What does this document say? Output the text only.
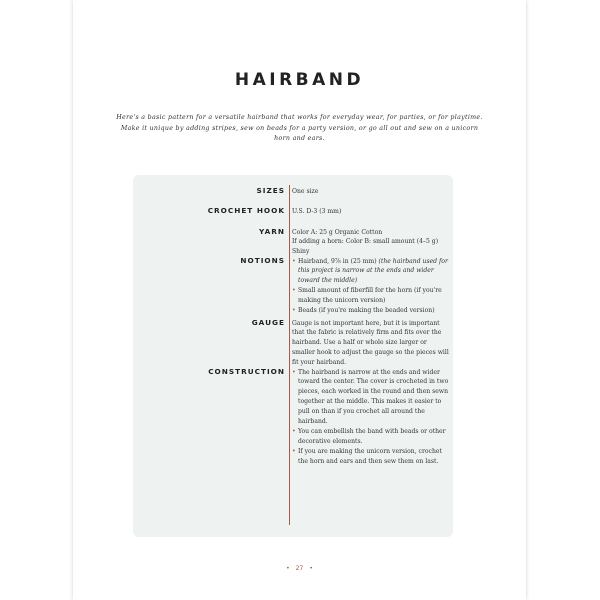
HAIRBAND
Here's a basic pattern for a versatile hairband that works for everyday wear, for parties, or for playtime. Make it unique by adding stripes, sew on beads for a party version, or go all out and sew on a unicorn horn and ears.
SIZES One size
CROCHET HOOK U.S. D-3 (3 mm)
YARN Color A: 25 g Organic Cotton
If adding a horn: Color B: small amount (4–5 g) Shiny
NOTIONS	• Hairband, 9⅞ in (25 mm) (the hairband used for this project is narrow at the ends and wider toward the middle)
• Small amount of fiberfill for the horn (if you're making the unicorn version)
• Beads (if you're making the beaded version)
GAUGE Gauge is not important here, but it is important that the fabric is relatively firm and fits over the hairband. Use a half or whole size larger or smaller hook to adjust the gauge so the pieces will fit your hairband.
CONSTRUCTION	• The hairband is narrow at the ends and wider toward the center. The cover is crocheted in two pieces, each worked in the round and then sewn together at the middle. This makes it easier to pull on than if you crochet all around the hairband.
• You can embellish the band with beads or other decorative elements.
• If you are making the unicorn version, crochet the horn and ears and then sew them on last.
• 27 •
